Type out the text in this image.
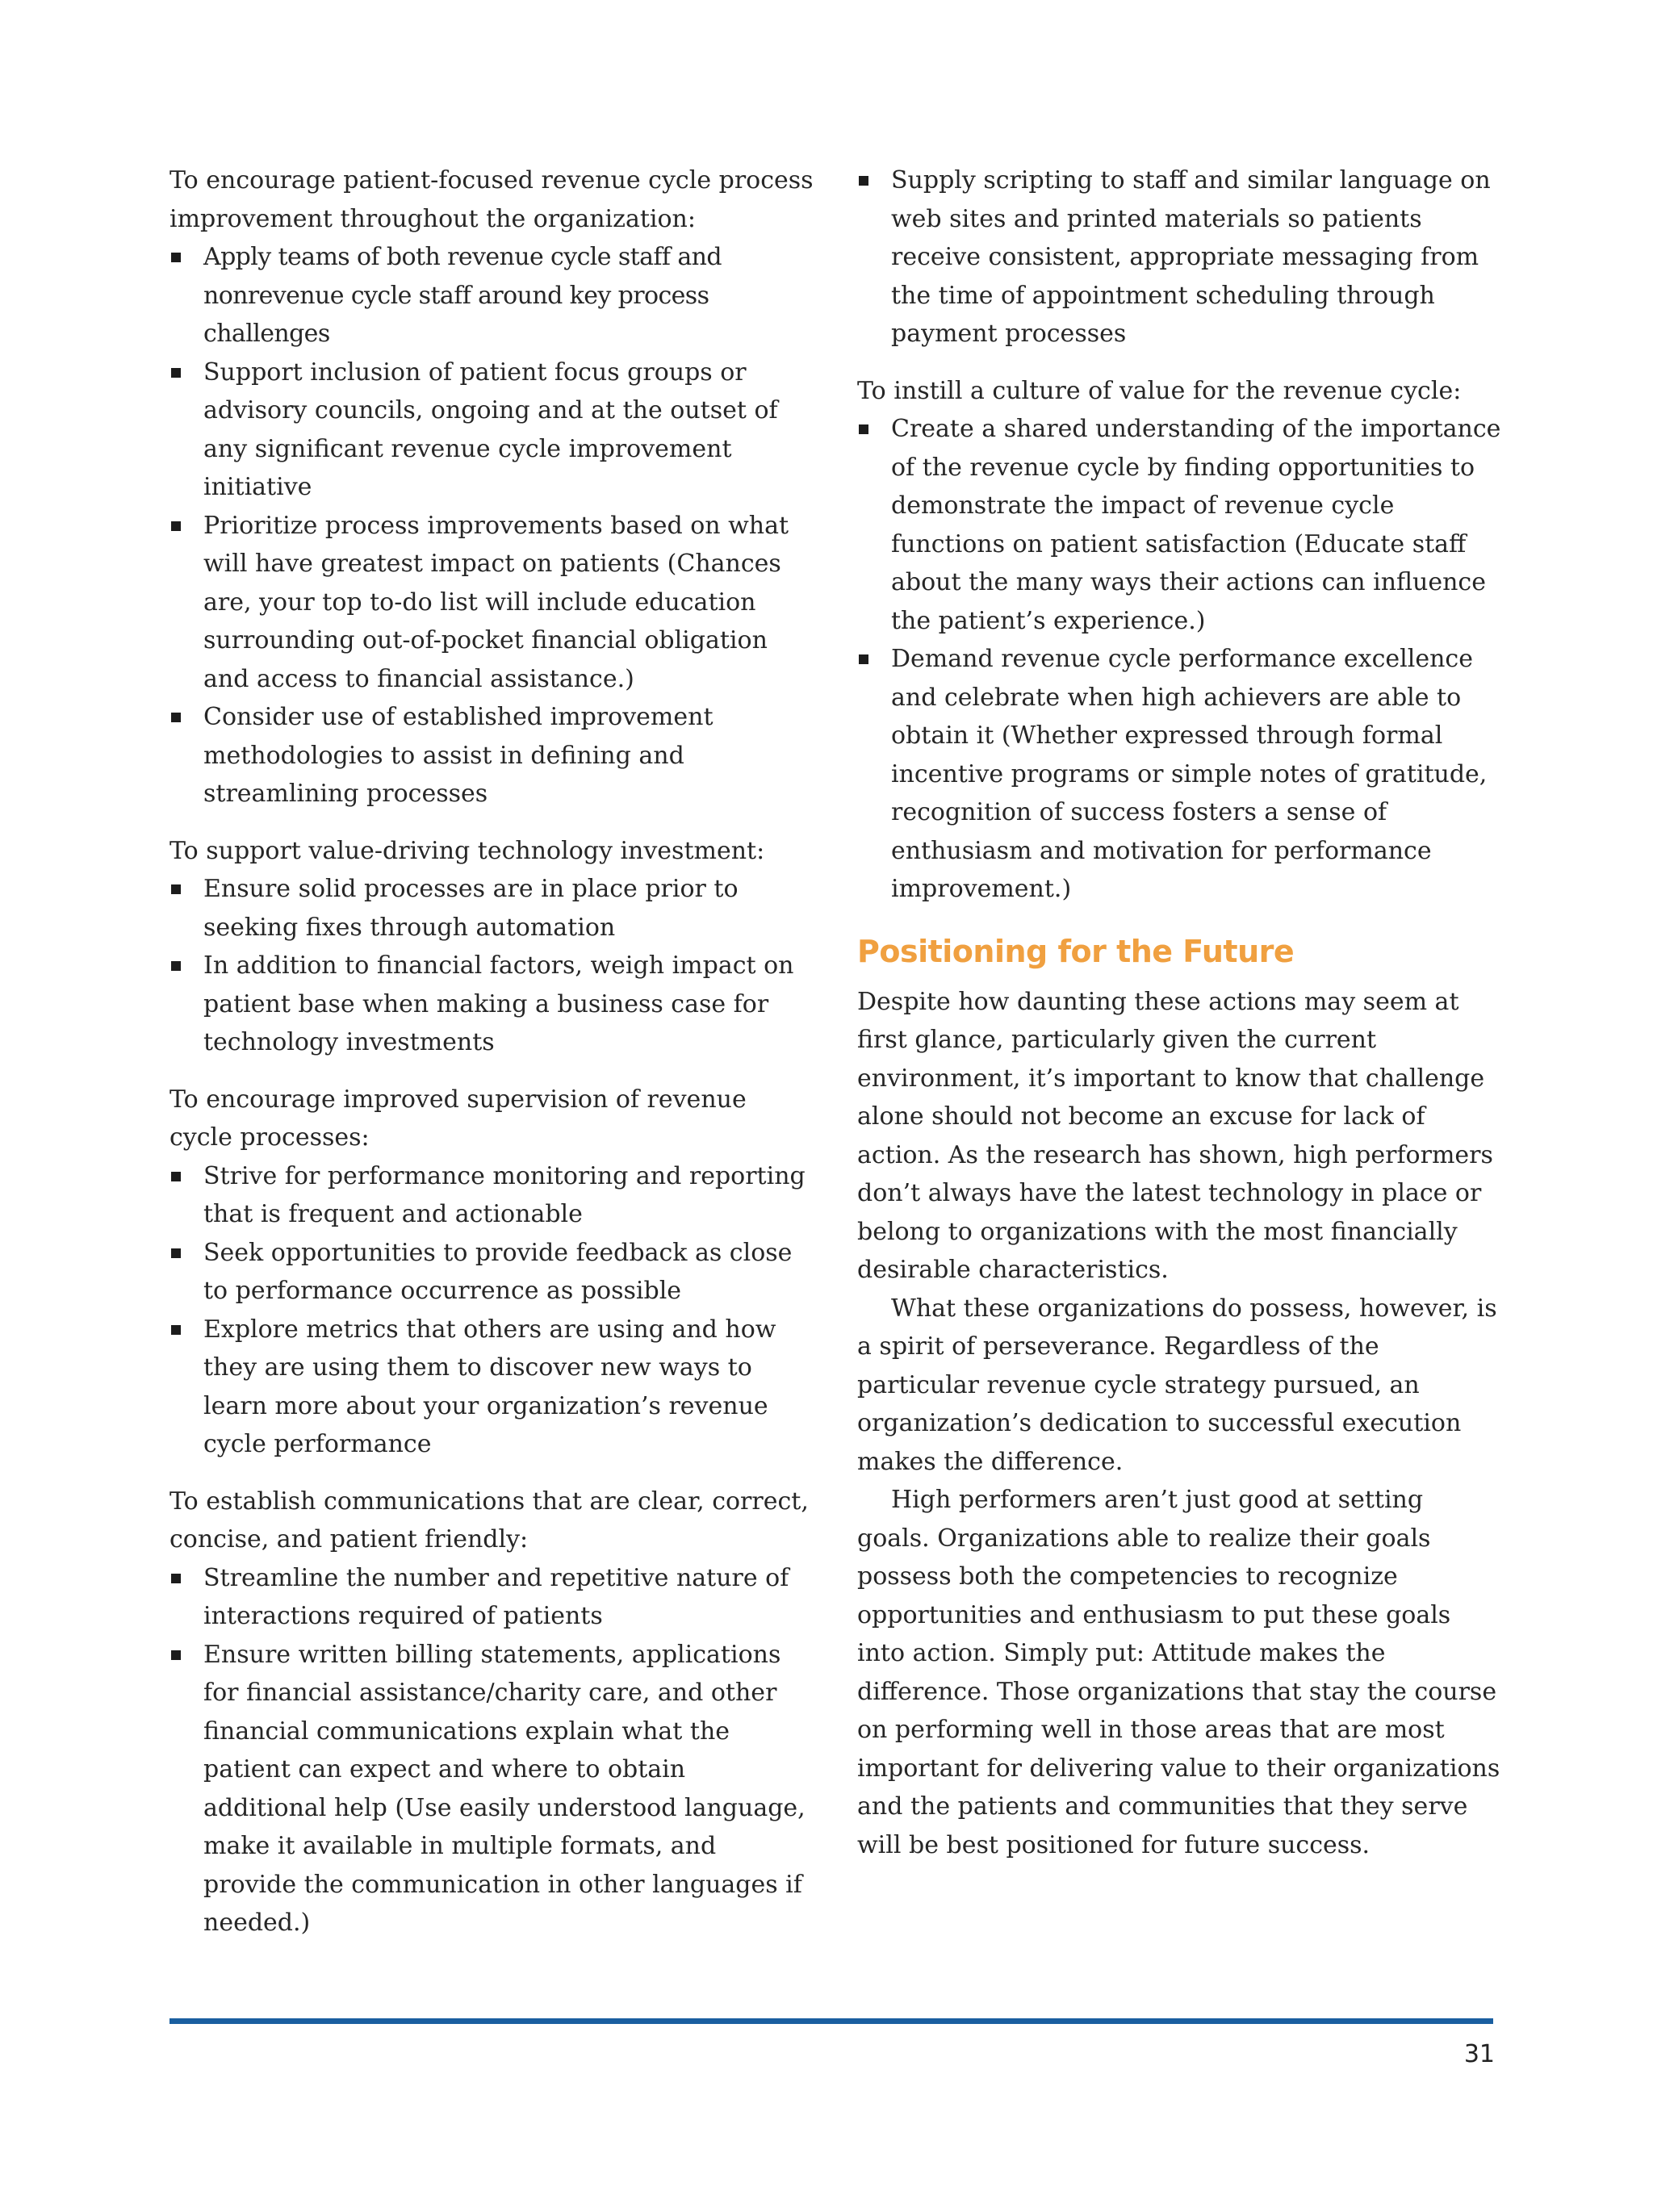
To encourage patient-focused revenue cycle process improvement throughout the organization:

Apply teams of both revenue cycle staff and nonrevenue cycle staff around key process challenges
Support inclusion of patient focus groups or advisory councils, ongoing and at the outset of any significant revenue cycle improvement initiative
Prioritize process improvements based on what will have greatest impact on patients (Chances are, your top to-do list will include education surrounding out-of-pocket financial obligation and access to financial assistance.)
Consider use of established improvement methodologies to assist in defining and streamlining processes

To support value-driving technology investment:

Ensure solid processes are in place prior to seeking fixes through automation
In addition to financial factors, weigh impact on patient base when making a business case for technology investments

To encourage improved supervision of revenue cycle processes:

Strive for performance monitoring and reporting that is frequent and actionable
Seek opportunities to provide feedback as close to performance occurrence as possible
Explore metrics that others are using and how they are using them to discover new ways to learn more about your organization’s revenue cycle performance

To establish communications that are clear, correct, concise, and patient friendly:

Streamline the number and repetitive nature of interactions required of patients
Ensure written billing statements, applications for financial assistance/charity care, and other financial communications explain what the patient can expect and where to obtain additional help (Use easily understood language, make it available in multiple formats, and provide the communication in other languages if needed.)
Supply scripting to staff and similar language on web sites and printed materials so patients receive consistent, appropriate messaging from the time of appointment scheduling through payment processes

To instill a culture of value for the revenue cycle:

Create a shared understanding of the importance of the revenue cycle by finding opportunities to demonstrate the impact of revenue cycle functions on patient satisfaction (Educate staff about the many ways their actions can influence the patient’s experience.)
Demand revenue cycle performance excellence and celebrate when high achievers are able to obtain it (Whether expressed through formal incentive programs or simple notes of gratitude, recognition of success fosters a sense of enthusiasm and motivation for performance improvement.)
Positioning for the Future

Despite how daunting these actions may seem at first glance, particularly given the current environment, it’s important to know that challenge alone should not become an excuse for lack of action. As the research has shown, high performers don’t always have the latest technology in place or belong to organizations with the most financially desirable characteristics.

What these organizations do possess, however, is a spirit of perseverance. Regardless of the particular revenue cycle strategy pursued, an organization’s dedication to successful execution makes the difference.

High performers aren’t just good at setting goals. Organizations able to realize their goals possess both the competencies to recognize opportunities and enthusiasm to put these goals into action. Simply put: Attitude makes the difference. Those organizations that stay the course on performing well in those areas that are most important for delivering value to their organizations and the patients and communities that they serve will be best positioned for future success.

31
